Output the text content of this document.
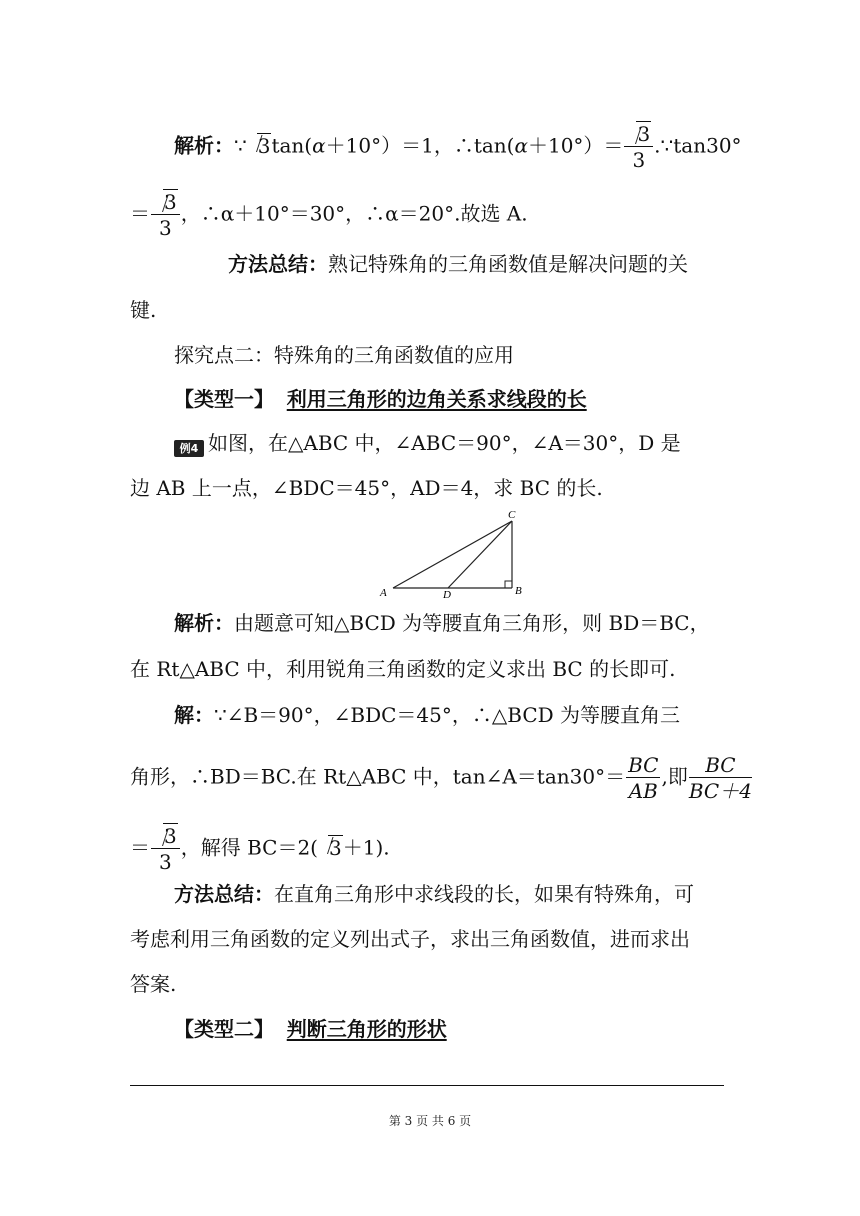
解析：∵ 3tan(α＋10°）＝1，∴tan(α＋10°）＝ $\frac{3}{3}$ .∵tan30°
＝ $\frac{3}{3}$ ，∴α＋10°＝30°，∴α＝20°.故选 A.
方法总结：熟记特殊角的三角函数值是解决问题的关
键.
探究点二：特殊角的三角函数值的应用
【类型一】 利用三角形的边角关系求线段的长
例4 如图，在△ABC 中，∠ABC＝90°，∠A＝30°，D 是
边 AB 上一点，∠BDC＝45°，AD＝4，求 BC 的长.
A	D	B
C
解析：由题意可知△BCD 为等腰直角三角形，则 BD＝BC，
在 Rt△ABC 中，利用锐角三角函数的定义求出 BC 的长即可.
解：∵∠B＝90°，∠BDC＝45°，∴△BCD 为等腰直角三
角形，∴BD＝BC.在 Rt△ABC 中，tan∠A＝tan30°＝ $\frac{BC}{AB}$ ,即 $\frac{BC}{BC+4}$
＝ $\frac{3}{3}$ ，解得 BC＝2( 3＋1).
方法总结：在直角三角形中求线段的长，如果有特殊角，可
考虑利用三角函数的定义列出式子，求出三角函数值，进而求出
答案.
【类型二】 判断三角形的形状
第 3 页 共 6 页
